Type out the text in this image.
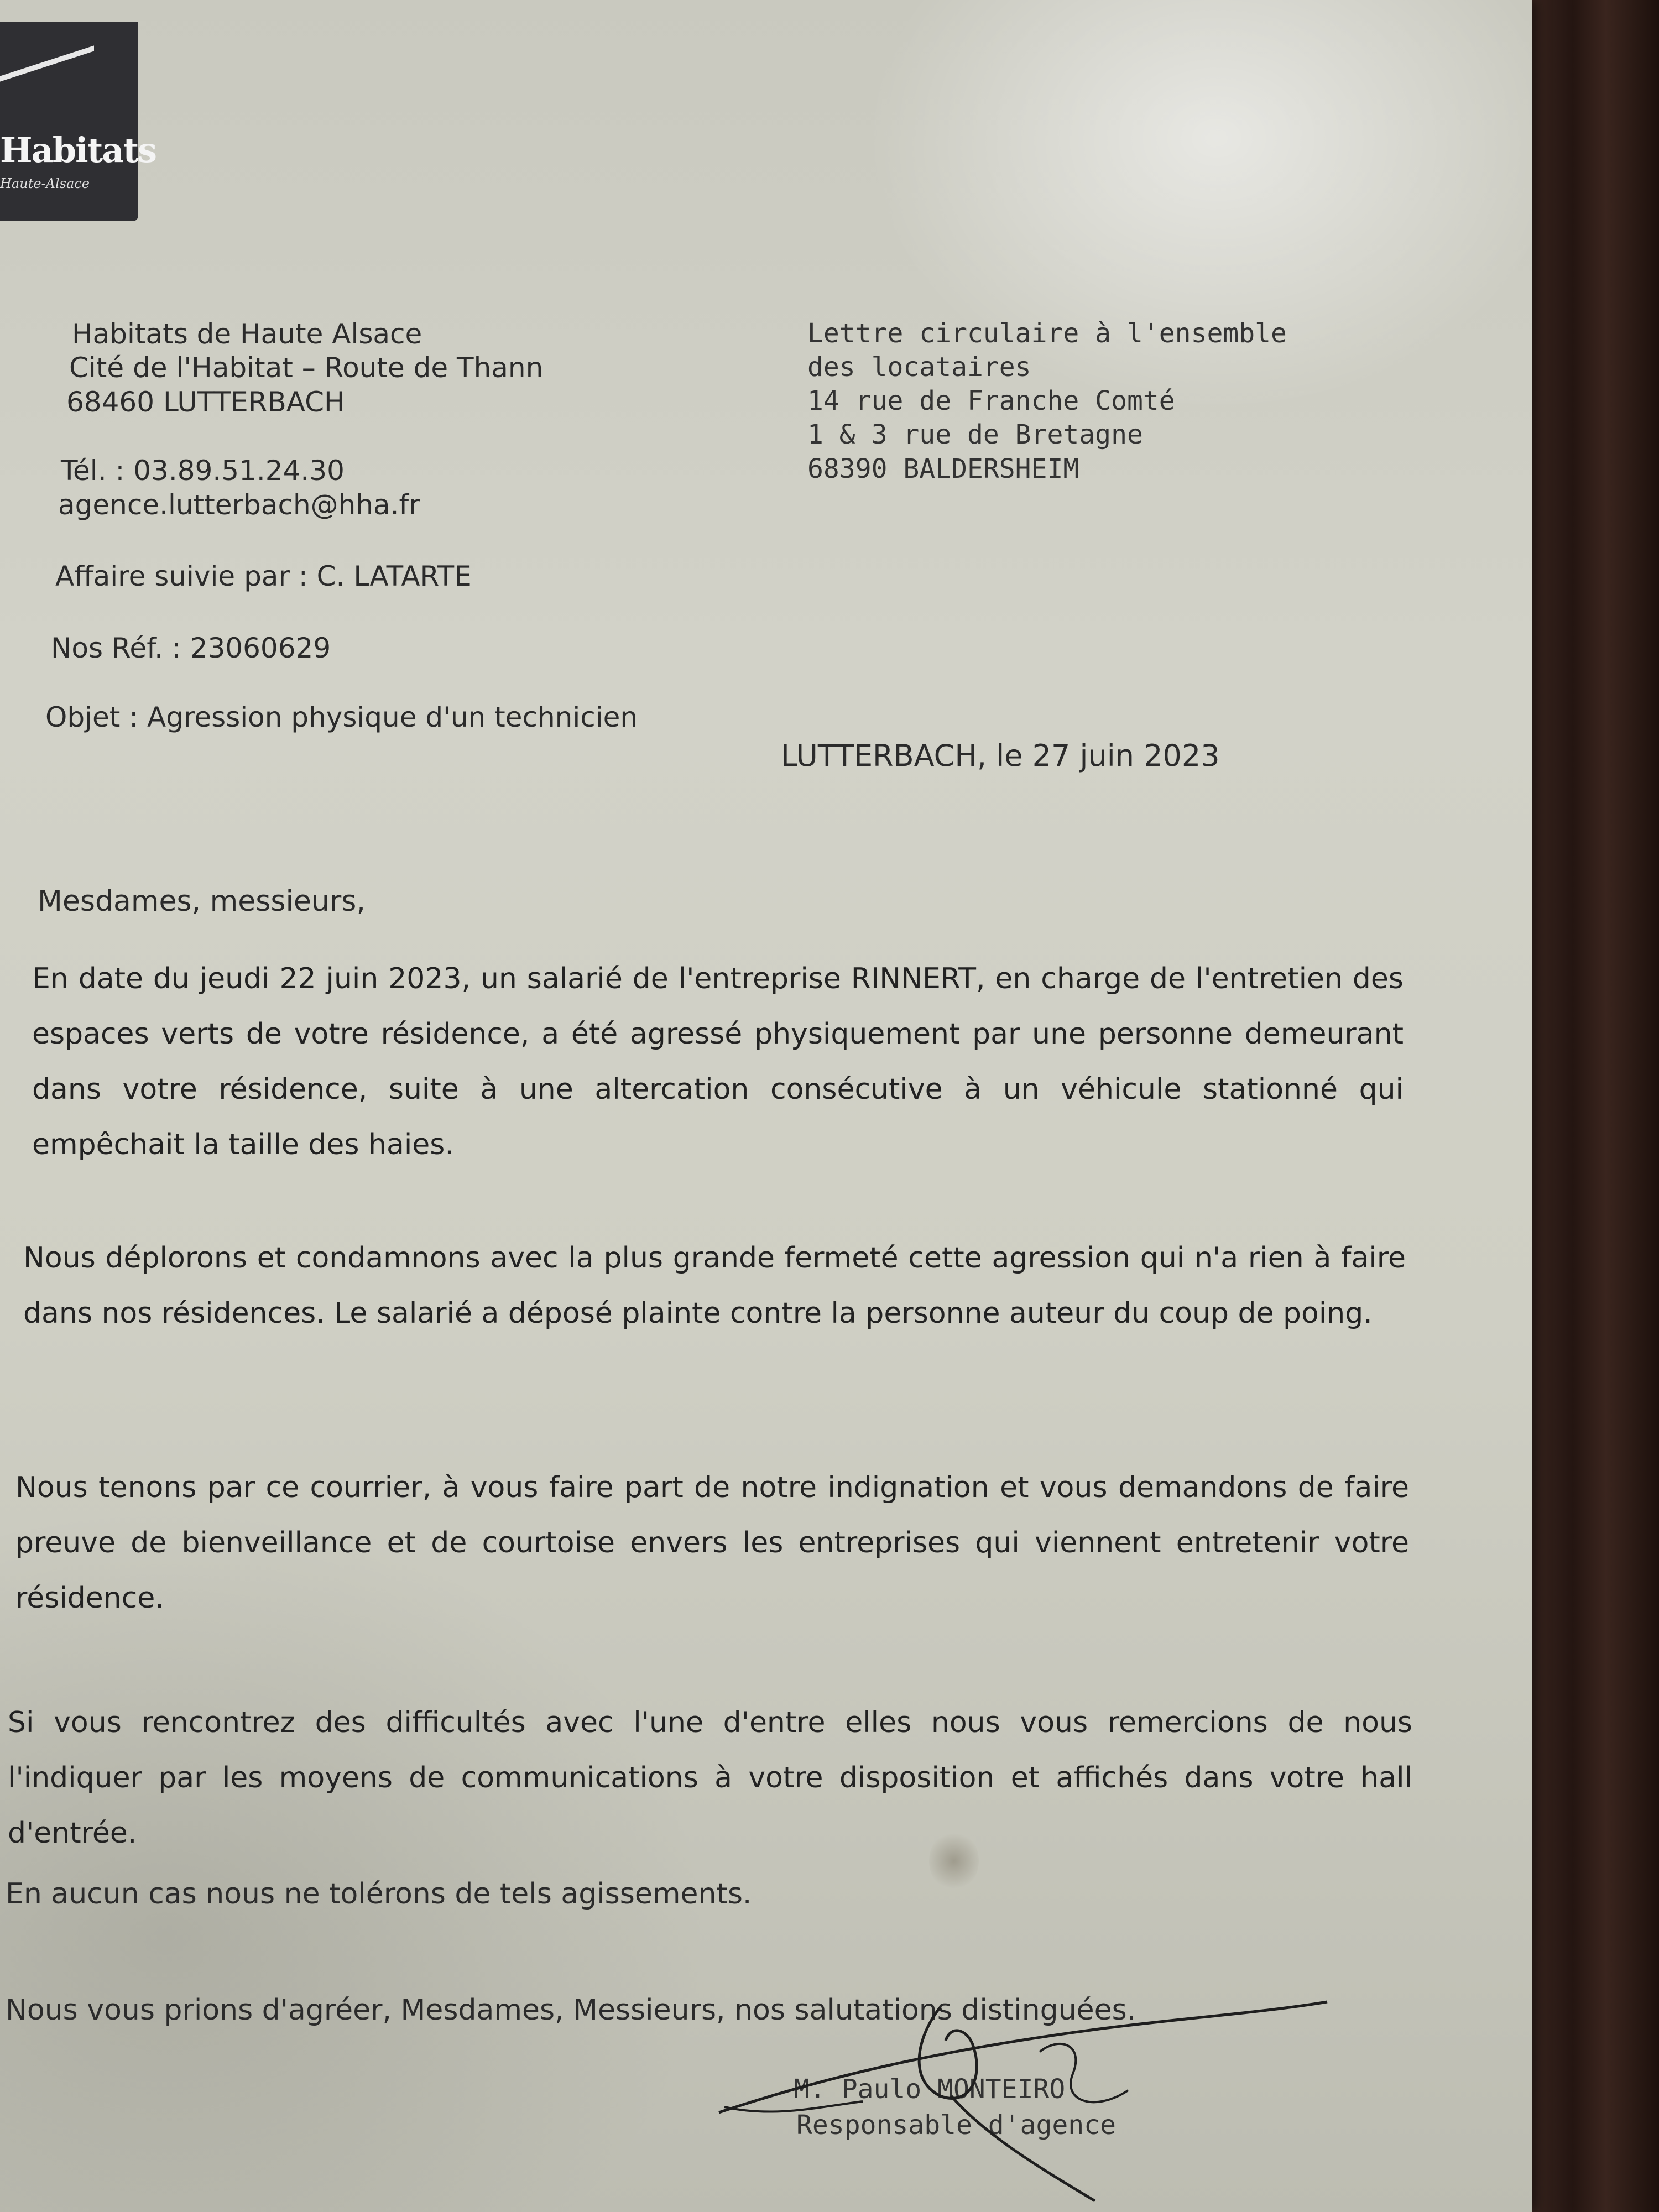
Habitats
Haute-Alsace
Habitats de Haute Alsace
Cité de l'Habitat – Route de Thann
68460 LUTTERBACH
Tél. : 03.89.51.24.30
agence.lutterbach@hha.fr
Lettre circulaire à l'ensemble
des locataires
14 rue de Franche Comté
1 & 3 rue de Bretagne
68390 BALDERSHEIM
Affaire suivie par : C. LATARTE
Nos Réf. : 23060629
Objet : Agression physique d'un technicien
LUTTERBACH, le 27 juin 2023
Mesdames, messieurs,
En date du jeudi 22 juin 2023, un salarié de l'entreprise RINNERT, en charge de l'entretien des espaces verts de votre résidence, a été agressé physiquement par une personne demeurant dans votre résidence, suite à une altercation consécutive à un véhicule stationné qui empêchait la taille des haies.
Nous déplorons et condamnons avec la plus grande fermeté cette agression qui n'a rien à faire dans nos résidences. Le salarié a déposé plainte contre la personne auteur du coup de poing.
Nous tenons par ce courrier, à vous faire part de notre indignation et vous demandons de faire preuve de bienveillance et de courtoise envers les entreprises qui viennent entretenir votre résidence.
Si vous rencontrez des difficultés avec l'une d'entre elles nous vous remercions de nous l'indiquer par les moyens de communications à votre disposition et affichés dans votre hall d'entrée.
En aucun cas nous ne tolérons de tels agissements.
Nous vous prions d'agréer, Mesdames, Messieurs, nos salutations distinguées.
M. Paulo MONTEIRO
Responsable d'agence
